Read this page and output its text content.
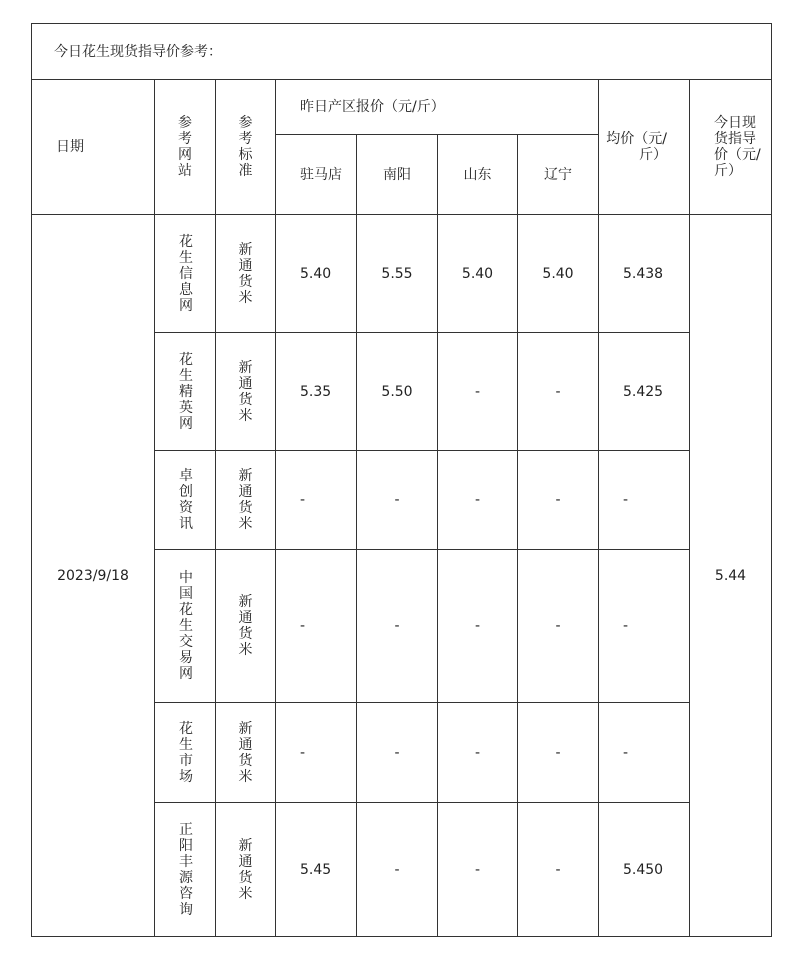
今日花生现货指导价参考：								
日期	参考网站	参考标准	昨日产区报价（元/斤）				均价（元/斤）	今日现货指导价（元/斤）
			驻马店	南阳	山东	辽宁		
2023/9/18	花生信息网	新通货米	5.40	5.55	5.40	5.40	5.438	5.44

	花生精英网	新通货米	5.35	5.50	-	-	5.425	

	卓创资讯	新通货米	-	-	-	-	-	

	中国花生交易网	新通货米	-	-	-	-	-	

	花生市场	新通货米	-	-	-	-	-	

	正阳丰源咨询	新通货米	5.45	-	-	-	5.450	
